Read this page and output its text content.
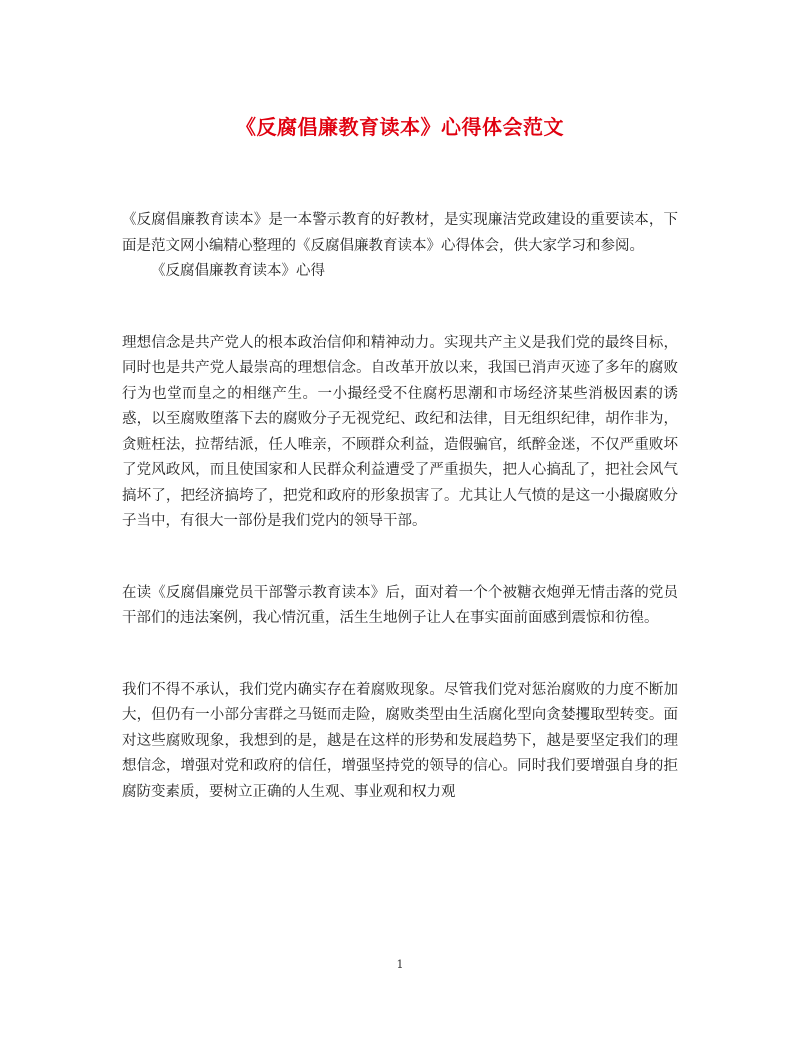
《反腐倡廉教育读本》心得体会范文

《反腐倡廉教育读本》是一本警示教育的好教材，是实现廉洁党政建设的重要读本，下面是范文网小编精心整理的《反腐倡廉教育读本》心得体会，供大家学习和参阅。

《反腐倡廉教育读本》心得

理想信念是共产党人的根本政治信仰和精神动力。实现共产主义是我们党的最终目标，同时也是共产党人最崇高的理想信念。自改革开放以来，我国已消声灭迹了多年的腐败行为也堂而皇之的相继产生。一小撮经受不住腐朽思潮和市场经济某些消极因素的诱惑，以至腐败堕落下去的腐败分子无视党纪、政纪和法律，目无组织纪律，胡作非为，贪赃枉法，拉帮结派，任人唯亲，不顾群众利益，造假骗官，纸醉金迷，不仅严重败坏了党风政风，而且使国家和人民群众利益遭受了严重损失，把人心搞乱了，把社会风气搞坏了，把经济搞垮了，把党和政府的形象损害了。尤其让人气愤的是这一小撮腐败分子当中，有很大一部份是我们党内的领导干部。

在读《反腐倡廉党员干部警示教育读本》后，面对着一个个被糖衣炮弹无情击落的党员干部们的违法案例，我心情沉重，活生生地例子让人在事实面前面感到震惊和彷徨。

我们不得不承认，我们党内确实存在着腐败现象。尽管我们党对惩治腐败的力度不断加大，但仍有一小部分害群之马铤而走险，腐败类型由生活腐化型向贪婪攫取型转变。面对这些腐败现象，我想到的是，越是在这样的形势和发展趋势下，越是要坚定我们的理想信念，增强对党和政府的信任，增强坚持党的领导的信心。同时我们要增强自身的拒腐防变素质，要树立正确的人生观、事业观和权力观

1
